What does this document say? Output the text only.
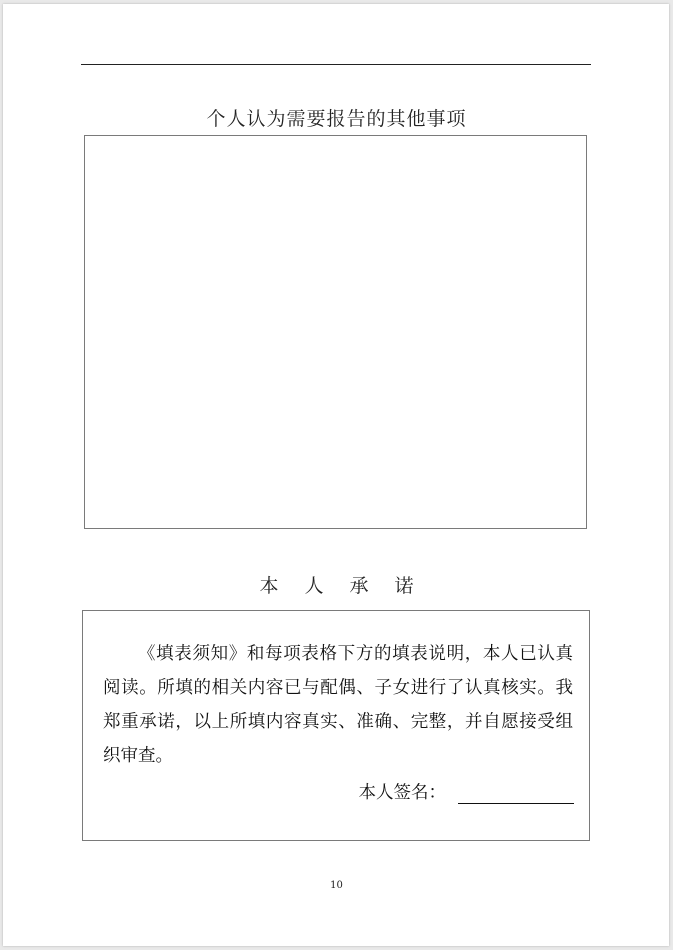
个人认为需要报告的其他事项
本 人 承 诺

《填表须知》和每项表格下方的填表说明，本人已认真阅读。所填的相关内容已与配偶、子女进行了认真核实。我郑重承诺，以上所填内容真实、准确、完整，并自愿接受组织审查。

本人签名：
10
